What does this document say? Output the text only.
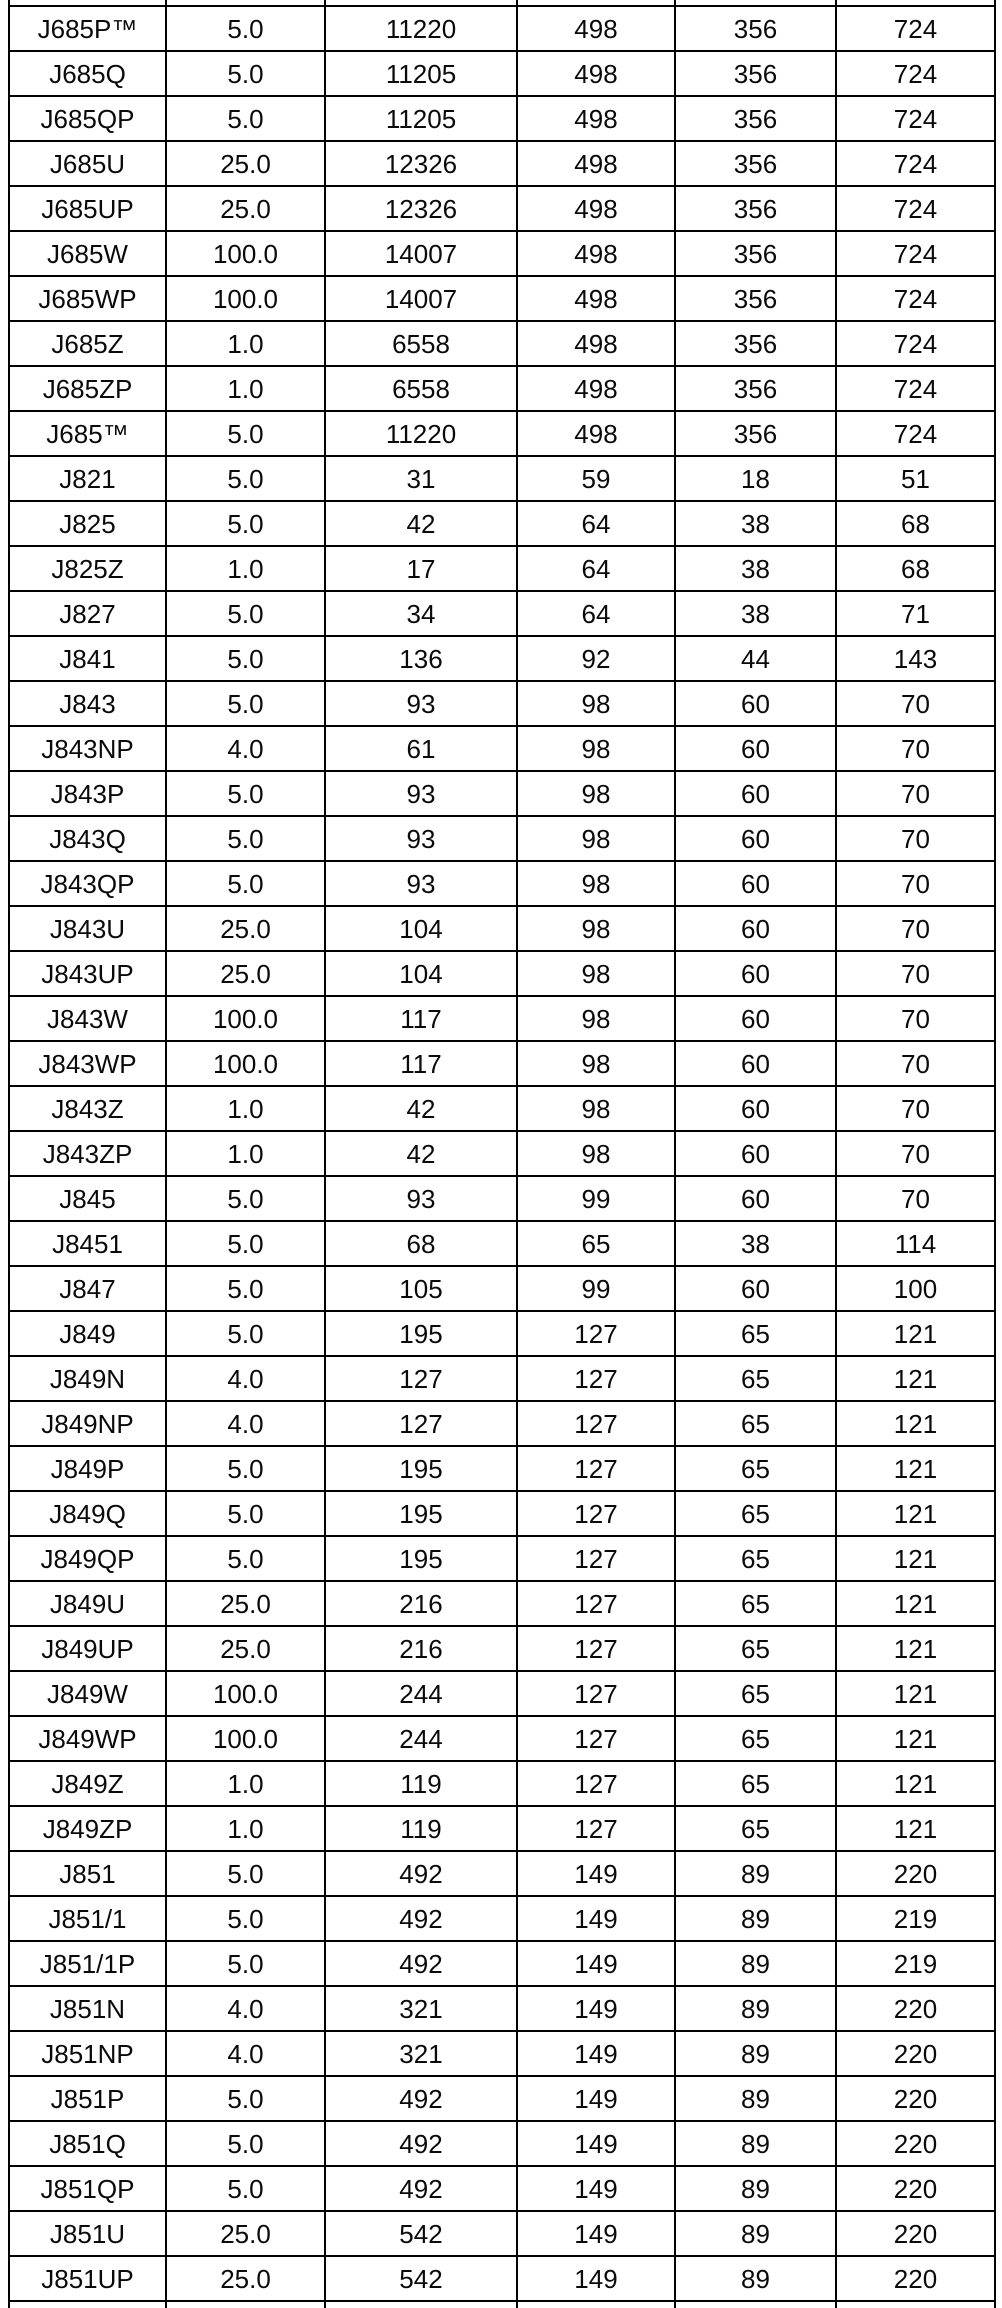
J685P™	5.0	11220	498	356	724
J685Q	5.0	11205	498	356	724
J685QP	5.0	11205	498	356	724
J685U	25.0	12326	498	356	724
J685UP	25.0	12326	498	356	724
J685W	100.0	14007	498	356	724
J685WP	100.0	14007	498	356	724
J685Z	1.0	6558	498	356	724
J685ZP	1.0	6558	498	356	724
J685™	5.0	11220	498	356	724
J821	5.0	31	59	18	51
J825	5.0	42	64	38	68
J825Z	1.0	17	64	38	68
J827	5.0	34	64	38	71
J841	5.0	136	92	44	143
J843	5.0	93	98	60	70
J843NP	4.0	61	98	60	70
J843P	5.0	93	98	60	70
J843Q	5.0	93	98	60	70
J843QP	5.0	93	98	60	70
J843U	25.0	104	98	60	70
J843UP	25.0	104	98	60	70
J843W	100.0	117	98	60	70
J843WP	100.0	117	98	60	70
J843Z	1.0	42	98	60	70
J843ZP	1.0	42	98	60	70
J845	5.0	93	99	60	70
J8451	5.0	68	65	38	114
J847	5.0	105	99	60	100
J849	5.0	195	127	65	121
J849N	4.0	127	127	65	121
J849NP	4.0	127	127	65	121
J849P	5.0	195	127	65	121
J849Q	5.0	195	127	65	121
J849QP	5.0	195	127	65	121
J849U	25.0	216	127	65	121
J849UP	25.0	216	127	65	121
J849W	100.0	244	127	65	121
J849WP	100.0	244	127	65	121
J849Z	1.0	119	127	65	121
J849ZP	1.0	119	127	65	121
J851	5.0	492	149	89	220
J851/1	5.0	492	149	89	219
J851/1P	5.0	492	149	89	219
J851N	4.0	321	149	89	220
J851NP	4.0	321	149	89	220
J851P	5.0	492	149	89	220
J851Q	5.0	492	149	89	220
J851QP	5.0	492	149	89	220
J851U	25.0	542	149	89	220
J851UP	25.0	542	149	89	220
